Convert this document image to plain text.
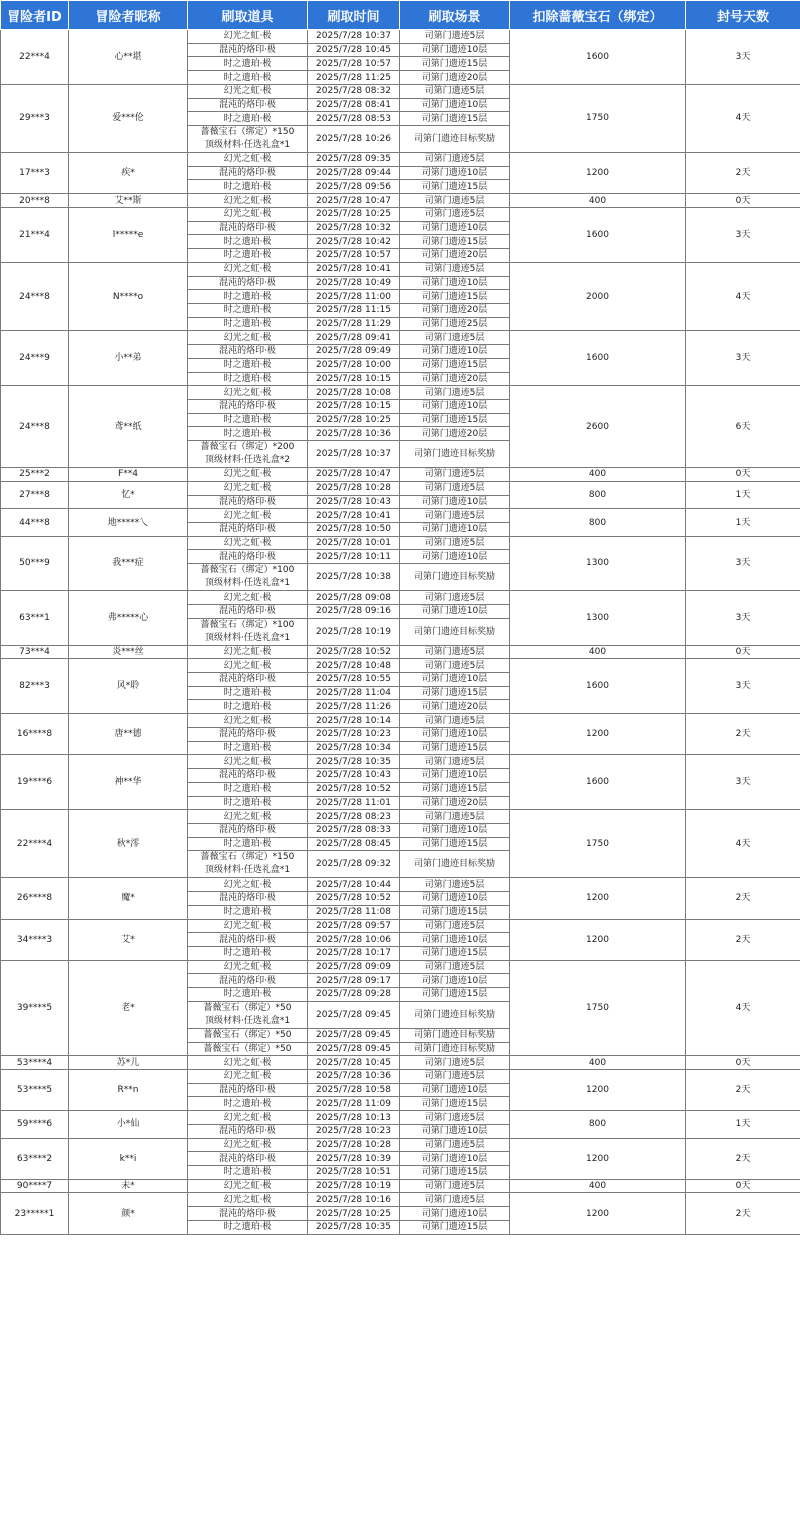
冒险者ID	冒险者昵称	刷取道具	刷取时间	刷取场景	扣除蔷薇宝石（绑定）	封号天数
22***4	心**堪	幻光之虹·极	2025/7/28 10:37	司第门遗迹5层	1600	3天

		混沌的烙印·极	2025/7/28 10:45	司第门遗迹10层		

		时之遗珀·极	2025/7/28 10:57	司第门遗迹15层		

		时之遗珀·极	2025/7/28 11:25	司第门遗迹20层		
29***3	爱***伦	幻光之虹·极	2025/7/28 08:32	司第门遗迹5层	1750	4天

		混沌的烙印·极	2025/7/28 08:41	司第门遗迹10层		

		时之遗珀·极	2025/7/28 08:53	司第门遗迹15层		

		蔷薇宝石（绑定）*150
顶级材料·任选礼盒*1	2025/7/28 10:26	司第门遗迹目标奖励		

17***3	疾*	幻光之虹·极	2025/7/28 09:35	司第门遗迹5层	1200	2天

		混沌的烙印·极	2025/7/28 09:44	司第门遗迹10层		

		时之遗珀·极	2025/7/28 09:56	司第门遗迹15层		
20***8	艾**斯	幻光之虹·极	2025/7/28 10:47	司第门遗迹5层	400	0天
21***4	l*****e	幻光之虹·极	2025/7/28 10:25	司第门遗迹5层	1600	3天

		混沌的烙印·极	2025/7/28 10:32	司第门遗迹10层		

		时之遗珀·极	2025/7/28 10:42	司第门遗迹15层		

		时之遗珀·极	2025/7/28 10:57	司第门遗迹20层		
24***8	N****o	幻光之虹·极	2025/7/28 10:41	司第门遗迹5层	2000	4天

		混沌的烙印·极	2025/7/28 10:49	司第门遗迹10层		

		时之遗珀·极	2025/7/28 11:00	司第门遗迹15层		

		时之遗珀·极	2025/7/28 11:15	司第门遗迹20层		

		时之遗珀·极	2025/7/28 11:29	司第门遗迹25层		
24***9	小**弟	幻光之虹·极	2025/7/28 09:41	司第门遗迹5层	1600	3天

		混沌的烙印·极	2025/7/28 09:49	司第门遗迹10层		

		时之遗珀·极	2025/7/28 10:00	司第门遗迹15层		

		时之遗珀·极	2025/7/28 10:15	司第门遗迹20层		
24***8	鸢**纸	幻光之虹·极	2025/7/28 10:08	司第门遗迹5层	2600	6天

		混沌的烙印·极	2025/7/28 10:15	司第门遗迹10层		

		时之遗珀·极	2025/7/28 10:25	司第门遗迹15层		

		时之遗珀·极	2025/7/28 10:36	司第门遗迹20层		

		蔷薇宝石（绑定）*200
顶级材料·任选礼盒*2	2025/7/28 10:37	司第门遗迹目标奖励		

25***2	F**4	幻光之虹·极	2025/7/28 10:47	司第门遗迹5层	400	0天
27***8	忆*	幻光之虹·极	2025/7/28 10:28	司第门遗迹5层	800	1天

		混沌的烙印·极	2025/7/28 10:43	司第门遗迹10层		
44***8	地*****乀	幻光之虹·极	2025/7/28 10:41	司第门遗迹5层	800	1天

		混沌的烙印·极	2025/7/28 10:50	司第门遗迹10层		
50***9	我***症	幻光之虹·极	2025/7/28 10:01	司第门遗迹5层	1300	3天

		混沌的烙印·极	2025/7/28 10:11	司第门遗迹10层		

		蔷薇宝石（绑定）*100
顶级材料·任选礼盒*1	2025/7/28 10:38	司第门遗迹目标奖励		

63***1	弗*****心	幻光之虹·极	2025/7/28 09:08	司第门遗迹5层	1300	3天

		混沌的烙印·极	2025/7/28 09:16	司第门遗迹10层		

		蔷薇宝石（绑定）*100
顶级材料·任选礼盒*1	2025/7/28 10:19	司第门遗迹目标奖励		

73***4	炎***丝	幻光之虹·极	2025/7/28 10:52	司第门遗迹5层	400	0天
82***3	风*聆	幻光之虹·极	2025/7/28 10:48	司第门遗迹5层	1600	3天

		混沌的烙印·极	2025/7/28 10:55	司第门遗迹10层		

		时之遗珀·极	2025/7/28 11:04	司第门遗迹15层		

		时之遗珀·极	2025/7/28 11:26	司第门遗迹20层		
16****8	唐**德	幻光之虹·极	2025/7/28 10:14	司第门遗迹5层	1200	2天

		混沌的烙印·极	2025/7/28 10:23	司第门遗迹10层		

		时之遗珀·极	2025/7/28 10:34	司第门遗迹15层		
19****6	神**华	幻光之虹·极	2025/7/28 10:35	司第门遗迹5层	1600	3天

		混沌的烙印·极	2025/7/28 10:43	司第门遗迹10层		

		时之遗珀·极	2025/7/28 10:52	司第门遗迹15层		

		时之遗珀·极	2025/7/28 11:01	司第门遗迹20层		
22****4	秋*澪	幻光之虹·极	2025/7/28 08:23	司第门遗迹5层	1750	4天

		混沌的烙印·极	2025/7/28 08:33	司第门遗迹10层		

		时之遗珀·极	2025/7/28 08:45	司第门遗迹15层		

		蔷薇宝石（绑定）*150
顶级材料·任选礼盒*1	2025/7/28 09:32	司第门遗迹目标奖励		

26****8	魔*	幻光之虹·极	2025/7/28 10:44	司第门遗迹5层	1200	2天

		混沌的烙印·极	2025/7/28 10:52	司第门遗迹10层		

		时之遗珀·极	2025/7/28 11:08	司第门遗迹15层		
34****3	艾*	幻光之虹·极	2025/7/28 09:57	司第门遗迹5层	1200	2天

		混沌的烙印·极	2025/7/28 10:06	司第门遗迹10层		

		时之遗珀·极	2025/7/28 10:17	司第门遗迹15层		
39****5	老*	幻光之虹·极	2025/7/28 09:09	司第门遗迹5层	1750	4天

		混沌的烙印·极	2025/7/28 09:17	司第门遗迹10层		

		时之遗珀·极	2025/7/28 09:28	司第门遗迹15层		

		蔷薇宝石（绑定）*50
顶级材料·任选礼盒*1	2025/7/28 09:45	司第门遗迹目标奖励		

		蔷薇宝石（绑定）*50	2025/7/28 09:45	司第门遗迹目标奖励		

		蔷薇宝石（绑定）*50	2025/7/28 09:45	司第门遗迹目标奖励		
53****4	苏*儿	幻光之虹·极	2025/7/28 10:45	司第门遗迹5层	400	0天
53****5	R**n	幻光之虹·极	2025/7/28 10:36	司第门遗迹5层	1200	2天

		混沌的烙印·极	2025/7/28 10:58	司第门遗迹10层		

		时之遗珀·极	2025/7/28 11:09	司第门遗迹15层		
59****6	小*仙	幻光之虹·极	2025/7/28 10:13	司第门遗迹5层	800	1天

		混沌的烙印·极	2025/7/28 10:23	司第门遗迹10层		
63****2	k**i	幻光之虹·极	2025/7/28 10:28	司第门遗迹5层	1200	2天

		混沌的烙印·极	2025/7/28 10:39	司第门遗迹10层		

		时之遗珀·极	2025/7/28 10:51	司第门遗迹15层		
90****7	未*	幻光之虹·极	2025/7/28 10:19	司第门遗迹5层	400	0天
23*****1	颜*	幻光之虹·极	2025/7/28 10:16	司第门遗迹5层	1200	2天

		混沌的烙印·极	2025/7/28 10:25	司第门遗迹10层		

		时之遗珀·极	2025/7/28 10:35	司第门遗迹15层		
